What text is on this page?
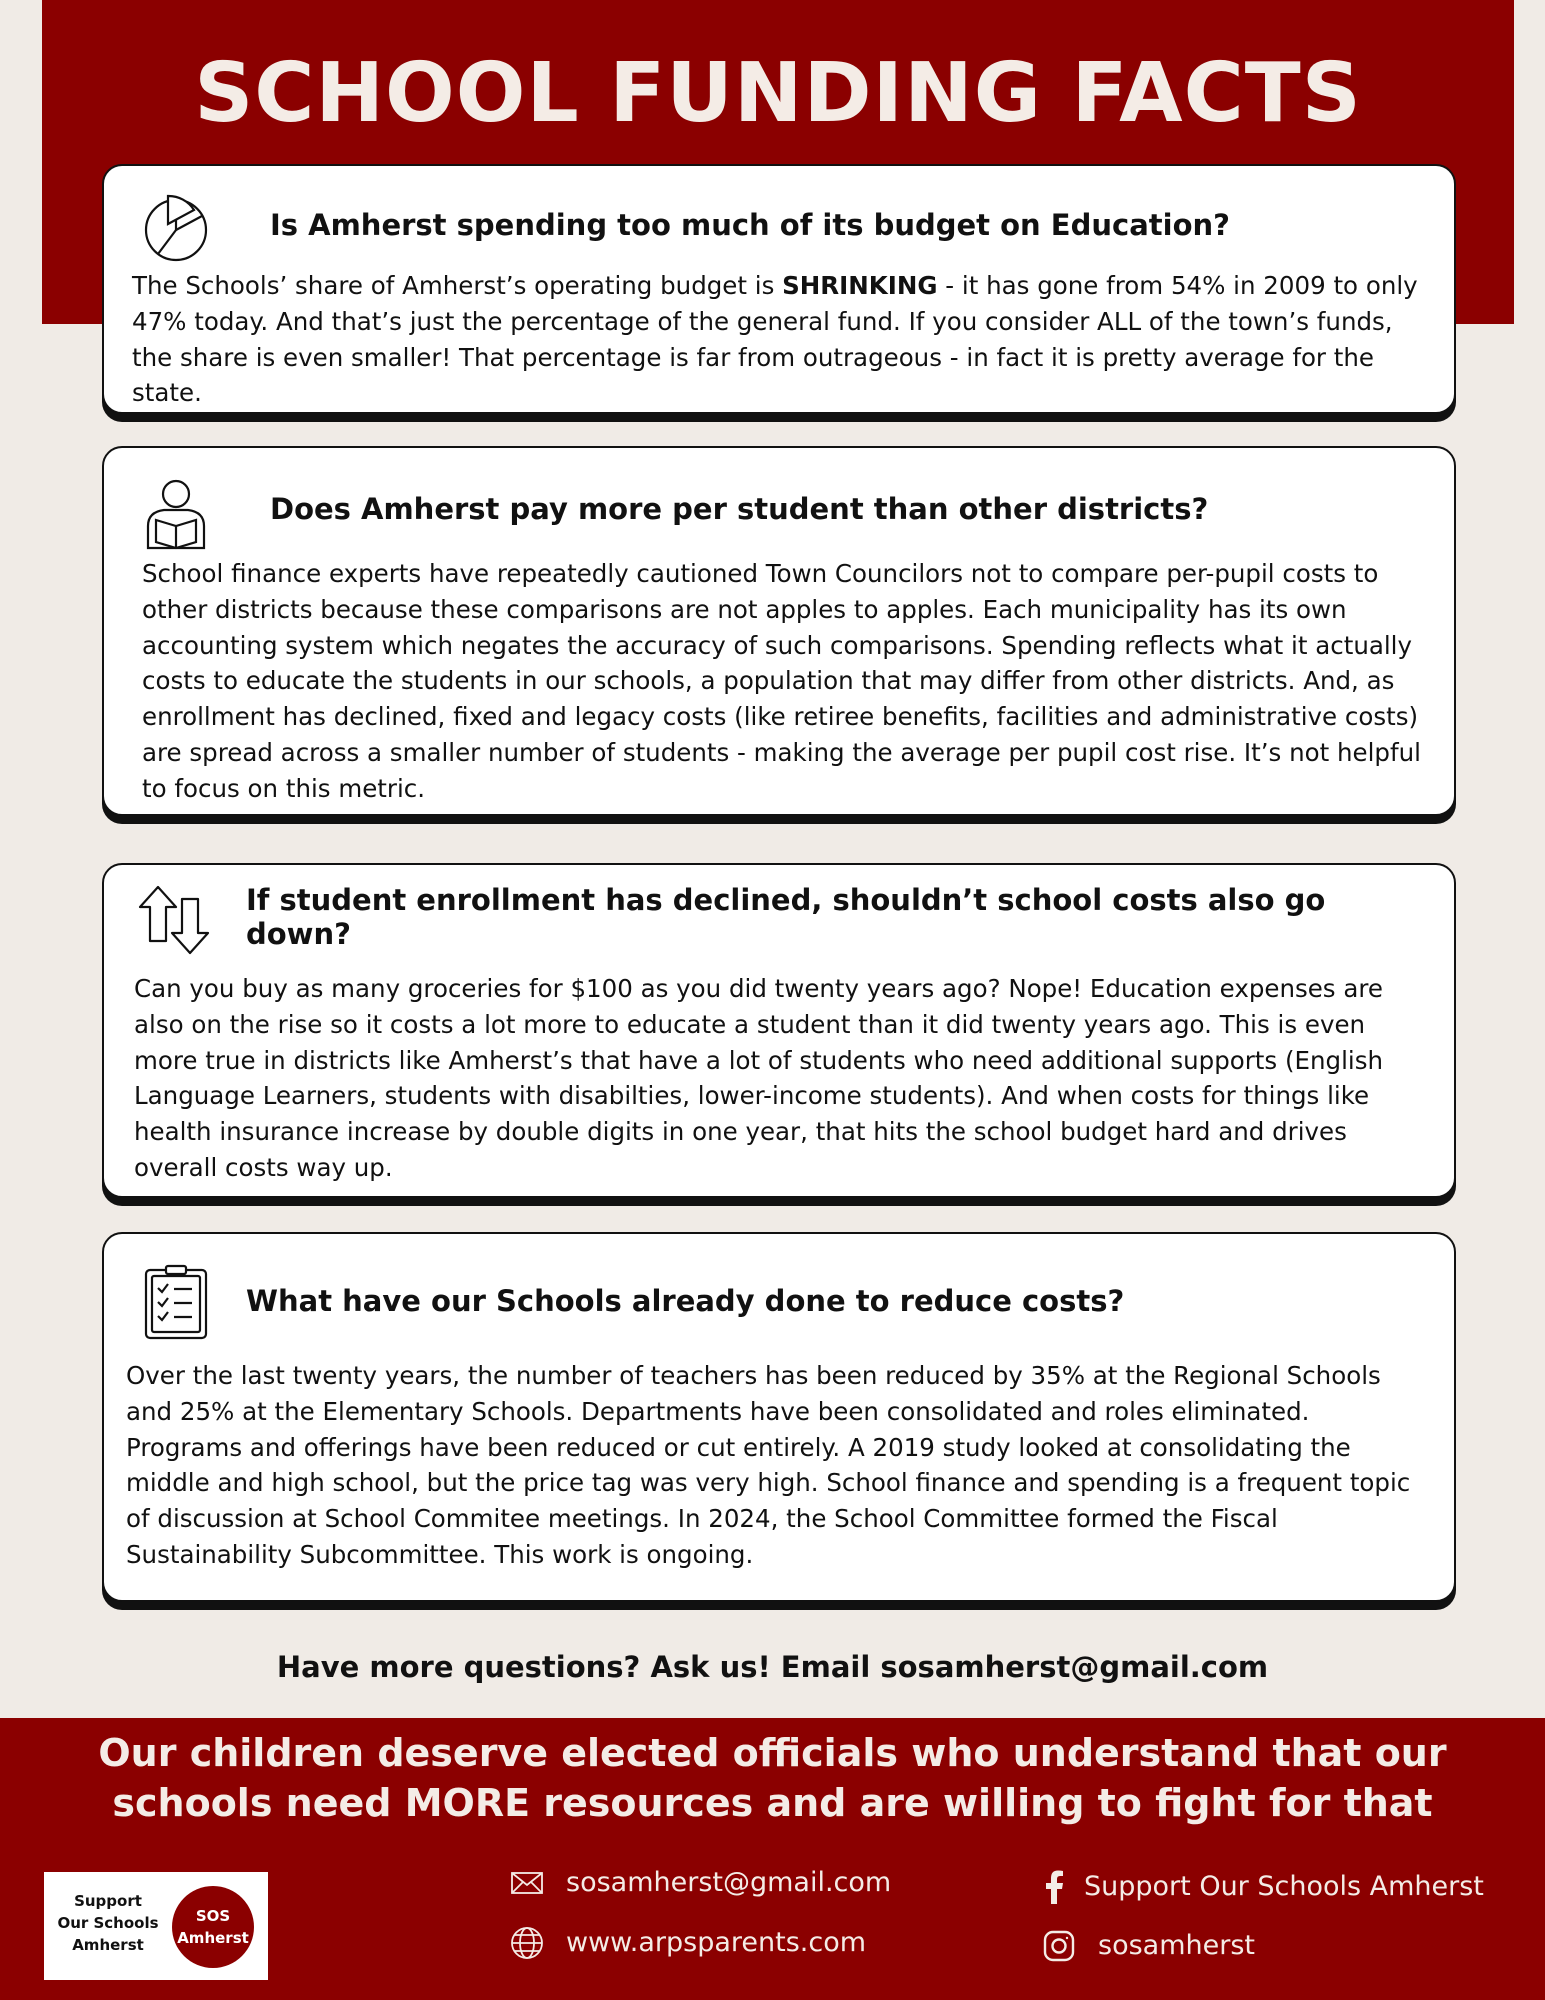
SCHOOL FUNDING FACTS
Is Amherst spending too much of its budget on Education?

The Schools’ share of Amherst’s operating budget is SHRINKING - it has gone from 54% in 2009 to only 47% today. And that’s just the percentage of the general fund. If you consider ALL of the town’s funds, the share is even smaller! That percentage is far from outrageous - in fact it is pretty average for the state.

Does Amherst pay more per student than other districts?

School finance experts have repeatedly cautioned Town Councilors not to compare per-pupil costs to other districts because these comparisons are not apples to apples. Each municipality has its own accounting system which negates the accuracy of such comparisons. Spending reflects what it actually costs to educate the students in our schools, a population that may differ from other districts. And, as enrollment has declined, fixed and legacy costs (like retiree benefits, facilities and administrative costs) are spread across a smaller number of students - making the average per pupil cost rise. It’s not helpful to focus on this metric.

If student enrollment has declined, shouldn’t school costs also go down?

Can you buy as many groceries for $100 as you did twenty years ago? Nope! Education expenses are also on the rise so it costs a lot more to educate a student than it did twenty years ago. This is even more true in districts like Amherst’s that have a lot of students who need additional supports (English Language Learners, students with disabilties, lower-income students). And when costs for things like health insurance increase by double digits in one year, that hits the school budget hard and drives overall costs way up.

What have our Schools already done to reduce costs?

Over the last twenty years, the number of teachers has been reduced by 35% at the Regional Schools and 25% at the Elementary Schools. Departments have been consolidated and roles eliminated. Programs and offerings have been reduced or cut entirely. A 2019 study looked at consolidating the middle and high school, but the price tag was very high. School finance and spending is a frequent topic of discussion at School Commitee meetings. In 2024, the School Committee formed the Fiscal Sustainability Subcommittee. This work is ongoing.

Have more questions? Ask us! Email sosamherst@gmail.com
Our children deserve elected officials who understand that our
schools need MORE resources and are willing to fight for that
Support
Our Schools
Amherst
SOS
Amherst
sosamherst@gmail.com
www.arpsparents.com
Support Our Schools Amherst
sosamherst
